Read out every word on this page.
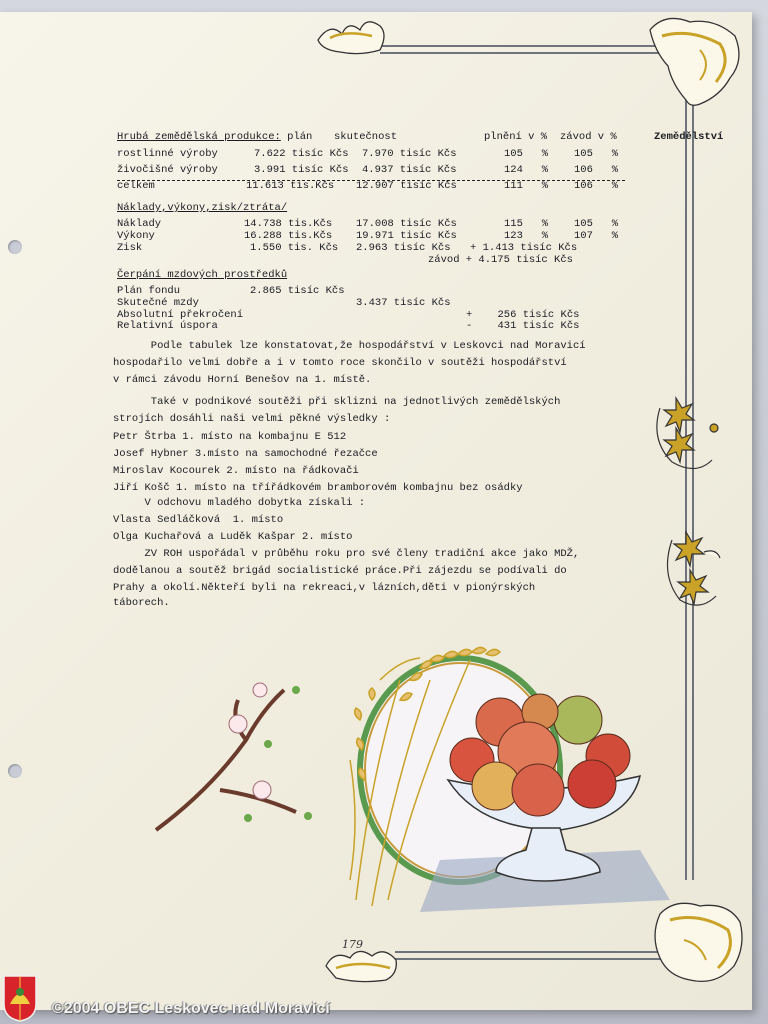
Hrubá zemědělská produkce: plán skutečnost	plnění v % závod v %	Zemědělství
rostlinné výroby	7.622 tisíc Kčs 7.970 tisíc Kčs	105   % 105   %
živočišné výroby	3.991 tisíc Kčs 4.937 tisíc Kčs	124   % 106   %
celkem	11.613 tis.Kčs 12.907 tisíc Kčs	111   % 106   %
Náklady,výkony,zisk/ztráta/
Náklady	14.738 tis.Kčs 17.008 tisíc Kčs	115   % 105   %
Výkony	16.288 tis.Kčs 19.971 tisíc Kčs	123   % 107   %
Zisk	1.550 tis. Kčs 2.963 tisíc Kčs + 1.413 tisíc Kčs
závod + 4.175 tisíc Kčs
Čerpání mzdových prostředků
Plán fondu	2.865 tisíc Kčs
Skutečné mzdy	3.437 tisíc Kčs
Absolutní překročení	+    256 tisíc Kčs
Relativní úspora	-    431 tisíc Kčs
Podle tabulek lze konstatovat,že hospodářství v Leskovci nad Moravicí
hospodařilo velmi dobře a i v tomto roce skončilo v soutěži hospodářství
v rámci závodu Horní Benešov na 1. místě.
Také v podnikové soutěži při sklizni na jednotlivých zemědělských
strojích dosáhli naši velmi pěkné výsledky :
Petr Štrba 1. místo na kombajnu E 512
Josef Hybner 3.místo na samochodné řezačce
Miroslav Kocourek 2. místo na řádkovači
Jiří Košč 1. místo na třířádkovém bramborovém kombajnu bez osádky
V odchovu mladého dobytka získali :
Vlasta Sedláčková  1. místo
Olga Kuchařová a Luděk Kašpar 2. místo
ZV ROH uspořádal v průběhu roku pro své členy tradiční akce jako MDŽ,
dodělanou a soutěž brigád socialistické práce.Při zájezdu se podívali do
Prahy a okolí.Někteří byli na rekreaci,v lázních,děti v pionýrských
táborech.
179
©2004 OBEC Leskovec nad Moravicí
